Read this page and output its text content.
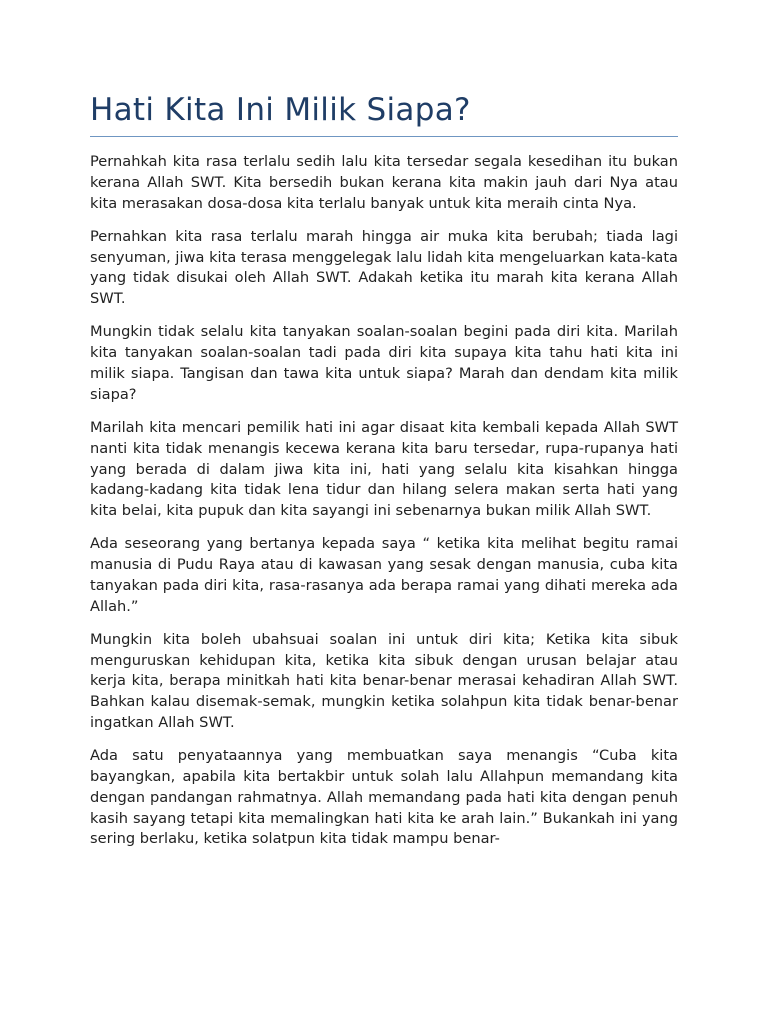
Hati Kita Ini Milik Siapa?

Pernahkah kita rasa terlalu sedih lalu kita tersedar segala kesedihan itu bukan kerana Allah SWT. Kita bersedih bukan kerana kita makin jauh dari Nya atau kita merasakan dosa-dosa kita terlalu banyak untuk kita meraih cinta Nya.

Pernahkan kita rasa terlalu marah hingga air muka kita berubah; tiada lagi senyuman, jiwa kita terasa menggelegak lalu lidah kita mengeluarkan kata-kata yang tidak disukai oleh Allah SWT. Adakah ketika itu marah kita kerana Allah SWT.

Mungkin tidak selalu kita tanyakan soalan-soalan begini pada diri kita. Marilah kita tanyakan soalan-soalan tadi pada diri kita supaya kita tahu hati kita ini milik siapa. Tangisan dan tawa kita untuk siapa? Marah dan dendam kita milik siapa?

Marilah kita mencari pemilik hati ini agar disaat kita kembali kepada Allah SWT nanti kita tidak menangis kecewa kerana kita baru tersedar, rupa-rupanya hati yang berada di dalam jiwa kita ini, hati yang selalu kita kisahkan hingga kadang-kadang kita tidak lena tidur dan hilang selera makan serta hati yang kita belai, kita pupuk dan kita sayangi ini sebenarnya bukan milik Allah SWT.

Ada seseorang yang bertanya kepada saya “ ketika kita melihat begitu ramai manusia di Pudu Raya atau di kawasan yang sesak dengan manusia, cuba kita tanyakan pada diri kita, rasa-rasanya ada berapa ramai yang dihati mereka ada Allah.”

Mungkin kita boleh ubahsuai soalan ini untuk diri kita; Ketika kita sibuk menguruskan kehidupan kita, ketika kita sibuk dengan urusan belajar atau kerja kita, berapa minitkah hati kita benar-benar merasai kehadiran Allah SWT. Bahkan kalau disemak-semak, mungkin ketika solahpun kita tidak benar-benar ingatkan Allah SWT.

Ada satu penyataannya yang membuatkan saya menangis “Cuba kita bayangkan, apabila kita bertakbir untuk solah lalu Allahpun memandang kita dengan pandangan rahmatnya. Allah memandang pada hati kita dengan penuh kasih sayang tetapi kita memalingkan hati kita ke arah lain.” Bukankah ini yang sering berlaku, ketika solatpun kita tidak mampu benar-
